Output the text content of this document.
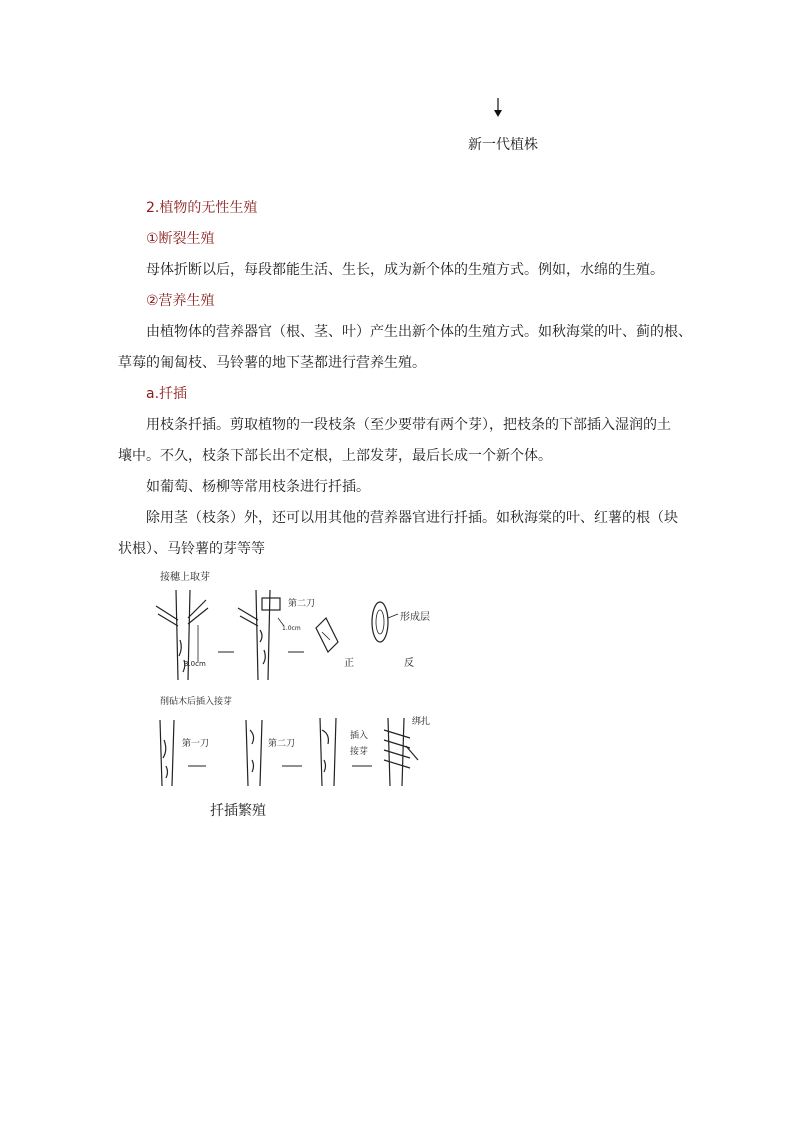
新一代植株
2.植物的无性生殖
①断裂生殖
母体折断以后，每段都能生活、生长，成为新个体的生殖方式。例如，水绵的生殖。
②营养生殖
由植物体的营养器官（根、茎、叶）产生出新个体的生殖方式。如秋海棠的叶、蓟的根、
草莓的匍匐枝、马铃薯的地下茎都进行营养生殖。
a.扦插
用枝条扦插。剪取植物的一段枝条（至少要带有两个芽），把枝条的下部插入湿润的土
壤中。不久，枝条下部长出不定根，上部发芽，最后长成一个新个体。
如葡萄、杨柳等常用枝条进行扦插。
除用茎（枝条）外，还可以用其他的营养器官进行扦插。如秋海棠的叶、红薯的根（块
状根）、马铃薯的芽等等
接穗上取芽
3.0cm
第二刀
1.0cm
正
形成层
反
削砧木后插入接芽
第一刀	第二刀
插入
接芽
绑扎
扦插繁殖
